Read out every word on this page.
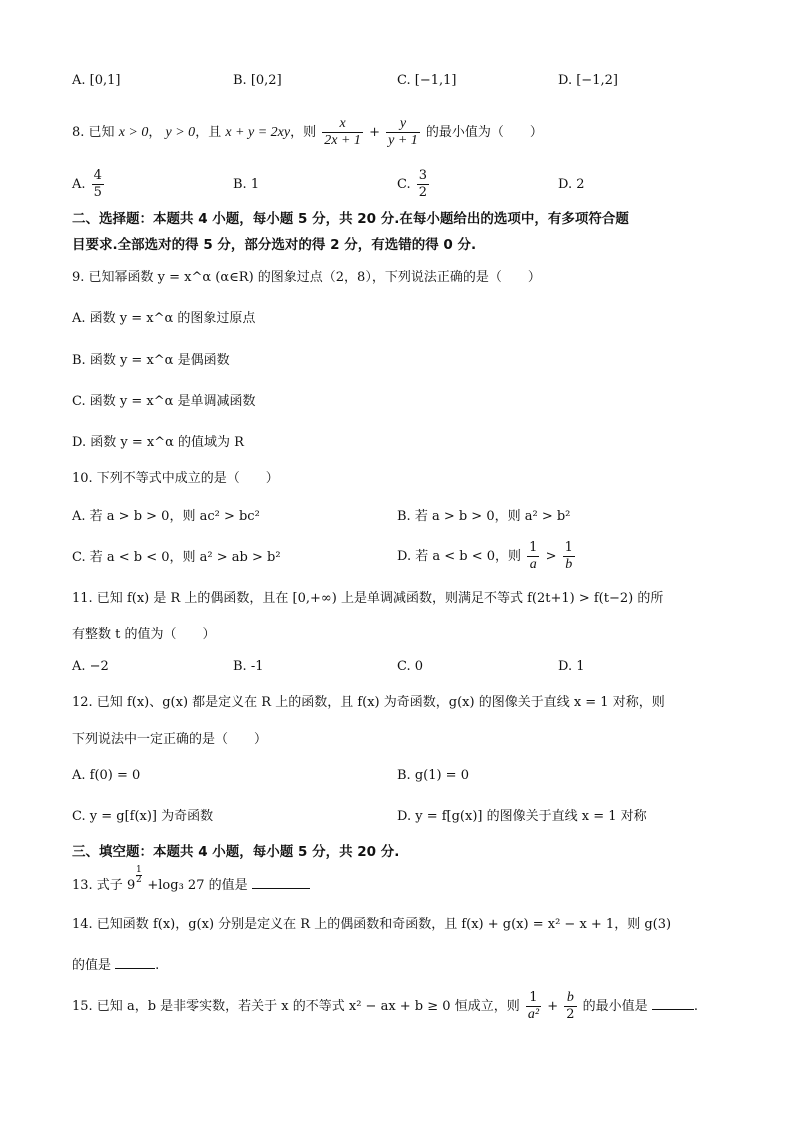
A. [0,1]	B. [0,2]	C. [−1,1]	D. [−1,2]
8. 已知 x > 0， y > 0，且 x + y = 2xy，则 $\frac{x}{2x + 1} + \frac{y}{y + 1}$ 的最小值为（　　）
A. $\frac{4}{5}$	B. 1	C. $\frac{3}{2}$	D. 2
二、选择题：本题共 4 小题，每小题 5 分，共 20 分.在每小题给出的选项中，有多项符合题
目要求.全部选对的得 5 分，部分选对的得 2 分，有选错的得 0 分.
9. 已知幂函数 y = x^α (α∈R) 的图象过点（2，8），下列说法正确的是（　　）
A. 函数 y = x^α 的图象过原点
B. 函数 y = x^α 是偶函数
C. 函数 y = x^α 是单调减函数
D. 函数 y = x^α 的值域为 R
10. 下列不等式中成立的是（　　）
A. 若 a > b > 0，则 ac² > bc²	B. 若 a > b > 0，则 a² > b²
C. 若 a < b < 0，则 a² > ab > b²	D. 若 a < b < 0，则 $\frac{1}{a} > \frac{1}{b}$
11. 已知 f(x) 是 R 上的偶函数，且在 [0,+∞) 上是单调减函数，则满足不等式 f(2t+1) > f(t−2) 的所
有整数 t 的值为（　　）
A. −2	B. -1	C. 0	D. 1
12. 已知 f(x)、g(x) 都是定义在 R 上的函数，且 f(x) 为奇函数，g(x) 的图像关于直线 x = 1 对称，则
下列说法中一定正确的是（　　）
A. f(0) = 0	B. g(1) = 0
C. y = g[f(x)] 为奇函数	D. y = f[g(x)] 的图像关于直线 x = 1 对称
三、填空题：本题共 4 小题，每小题 5 分，共 20 分.
13. 式子 9
1
2 +log₃ 27 的值是
14. 已知函数 f(x)，g(x) 分别是定义在 R 上的偶函数和奇函数，且 f(x) + g(x) = x² − x + 1，则 g(3)
的值是	.
15. 已知 a，b 是非零实数，若关于 x 的不等式 x² − ax + b ≥ 0 恒成立，则 $\frac{1}{\text{a²}} + \frac{b}{2}$ 的最小值是	.
